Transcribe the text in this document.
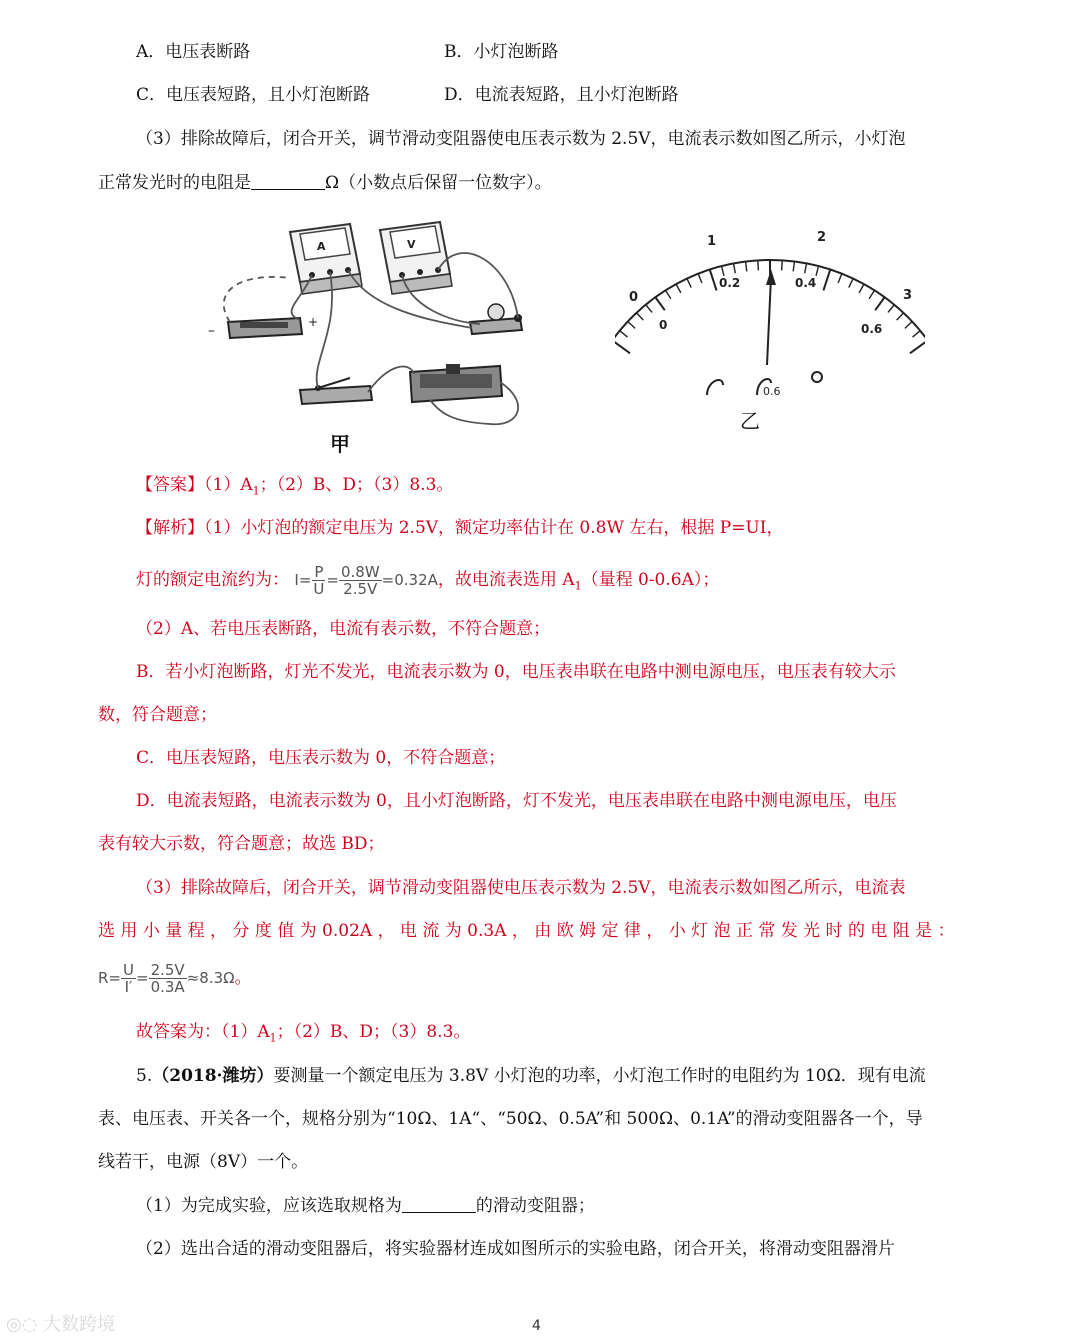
A．电压表断路	B．小灯泡断路
C．电压表短路，且小灯泡断路	D．电流表短路，且小灯泡断路
（3）排除故障后，闭合开关，调节滑动变阻器使电压表示数为 2.5V，电流表示数如图乙所示，小灯泡
正常发光时的电阻是	Ω（小数点后保留一位数字）。
A	V
–
+
甲
0
1	2
3
0
0.2	0.4
0.6
0.6
乙
【答案】$(1)A_1$；（2）B、D；（3）8.3。
【解析】（1）小灯泡的额定电压为 2.5V，额定功率估计在 0.8W 左右，根据 P=UI，
灯的额定电流约为： $I= \frac{P}{U} = \frac{0.8W}{2.5V} =0.32A$，故电流表选用 $A_1$（量程 0-0.6A）；
（2）A、若电压表断路，电流有表示数，不符合题意；
B．若小灯泡断路，灯光不发光，电流表示数为 0，电压表串联在电路中测电源电压，电压表有较大示
数，符合题意；
C．电压表短路，电压表示数为 0，不符合题意；
D．电流表短路，电流表示数为 0，且小灯泡断路，灯不发光，电压表串联在电路中测电源电压，电压
表有较大示数，符合题意；故选 BD；
（3）排除故障后，闭合开关，调节滑动变阻器使电压表示数为 2.5V，电流表示数如图乙所示，电流表
选 用 小 量 程 ， 分 度 值 为 0.02A ， 电 流 为 0.3A ， 由 欧 姆 定 律 ， 小 灯 泡 正 常 发 光 时 的 电 阻 是 ：
$R= \frac{U}{I'} = \frac{2.5V}{0.3A} \approx 8.3\Omega$。
故答案为：$(1)A_1$；（2）B、D；（3）8.3。
5.（2018·潍坊）要测量一个额定电压为 3.8V 小灯泡的功率，小灯泡工作时的电阻约为 10Ω．现有电流
表、电压表、开关各一个，规格分别为“10Ω、1A“、“50Ω、0.5A”和 500Ω、0.1A”的滑动变阻器各一个，导
线若干，电源（8V）一个。
（1）为完成实验，应该选取规格为	的滑动变阻器；
（2）选出合适的滑动变阻器后，将实验器材连成如图所示的实验电路，闭合开关，将滑动变阻器滑片
◎◌ 大数跨境	4
